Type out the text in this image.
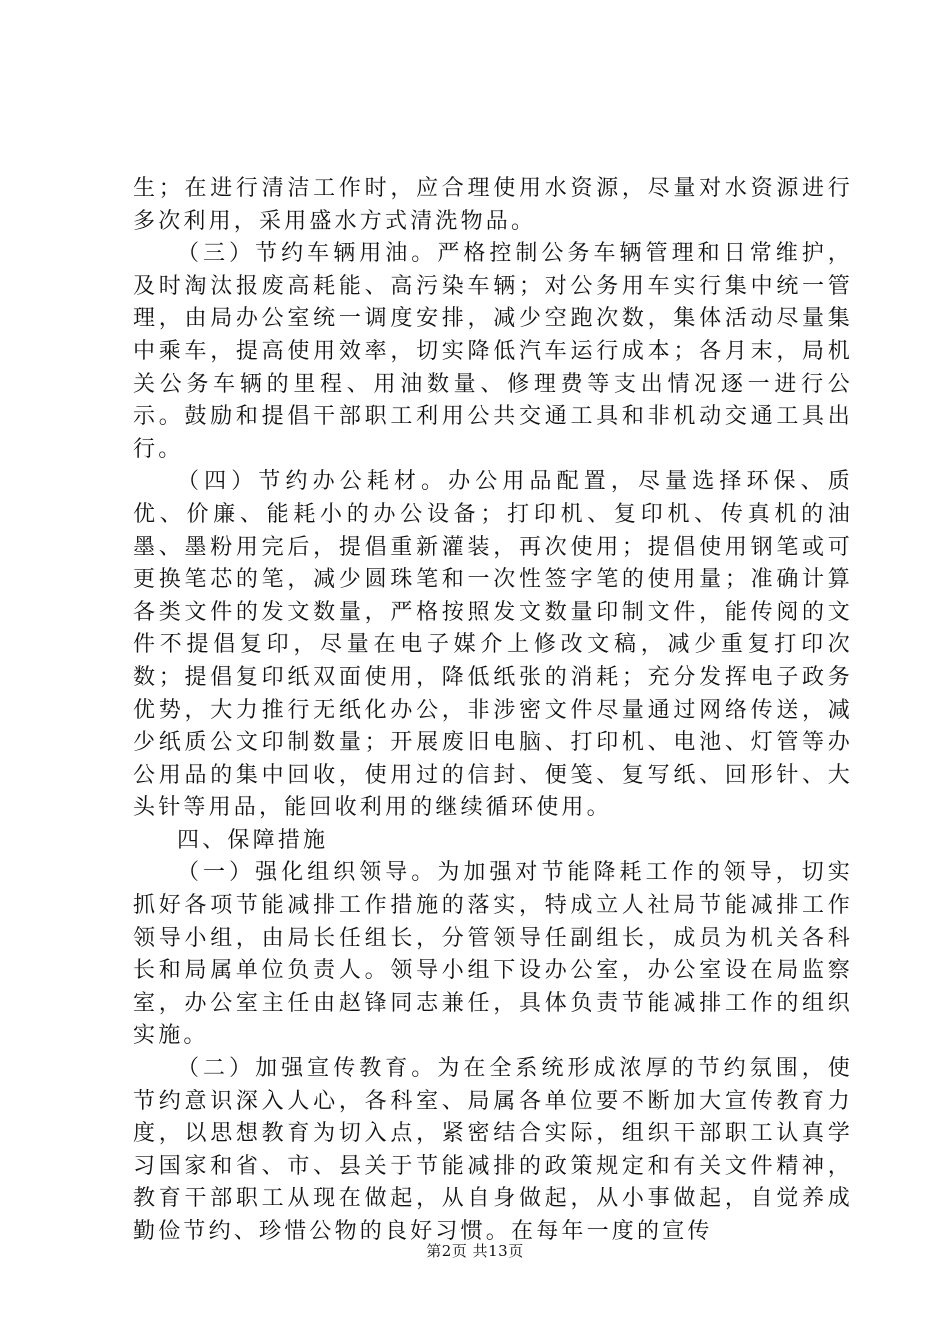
生；在进行清洁工作时，应合理使用水资源，尽量对水资源进行多次利用，采用盛水方式清洗物品。

（三）节约车辆用油。严格控制公务车辆管理和日常维护，及时淘汰报废高耗能、高污染车辆；对公务用车实行集中统一管理，由局办公室统一调度安排，减少空跑次数，集体活动尽量集中乘车，提高使用效率，切实降低汽车运行成本；各月末，局机关公务车辆的里程、用油数量、修理费等支出情况逐一进行公示。鼓励和提倡干部职工利用公共交通工具和非机动交通工具出行。

（四）节约办公耗材。办公用品配置，尽量选择环保、质优、价廉、能耗小的办公设备；打印机、复印机、传真机的油墨、墨粉用完后，提倡重新灌装，再次使用；提倡使用钢笔或可更换笔芯的笔，减少圆珠笔和一次性签字笔的使用量；准确计算各类文件的发文数量，严格按照发文数量印制文件，能传阅的文件不提倡复印，尽量在电子媒介上修改文稿，减少重复打印次数；提倡复印纸双面使用，降低纸张的消耗；充分发挥电子政务优势，大力推行无纸化办公，非涉密文件尽量通过网络传送，减少纸质公文印制数量；开展废旧电脑、打印机、电池、灯管等办公用品的集中回收，使用过的信封、便笺、复写纸、回形针、大头针等用品，能回收利用的继续循环使用。

四、保障措施

（一）强化组织领导。为加强对节能降耗工作的领导，切实抓好各项节能减排工作措施的落实，特成立人社局节能减排工作领导小组，由局长任组长，分管领导任副组长，成员为机关各科长和局属单位负责人。领导小组下设办公室，办公室设在局监察室，办公室主任由赵锋同志兼任，具体负责节能减排工作的组织实施。

（二）加强宣传教育。为在全系统形成浓厚的节约氛围，使节约意识深入人心，各科室、局属各单位要不断加大宣传教育力度，以思想教育为切入点，紧密结合实际，组织干部职工认真学习国家和省、市、县关于节能减排的政策规定和有关文件精神，教育干部职工从现在做起，从自身做起，从小事做起，自觉养成勤俭节约、珍惜公物的良好习惯。在每年一度的宣传

第2页 共13页
